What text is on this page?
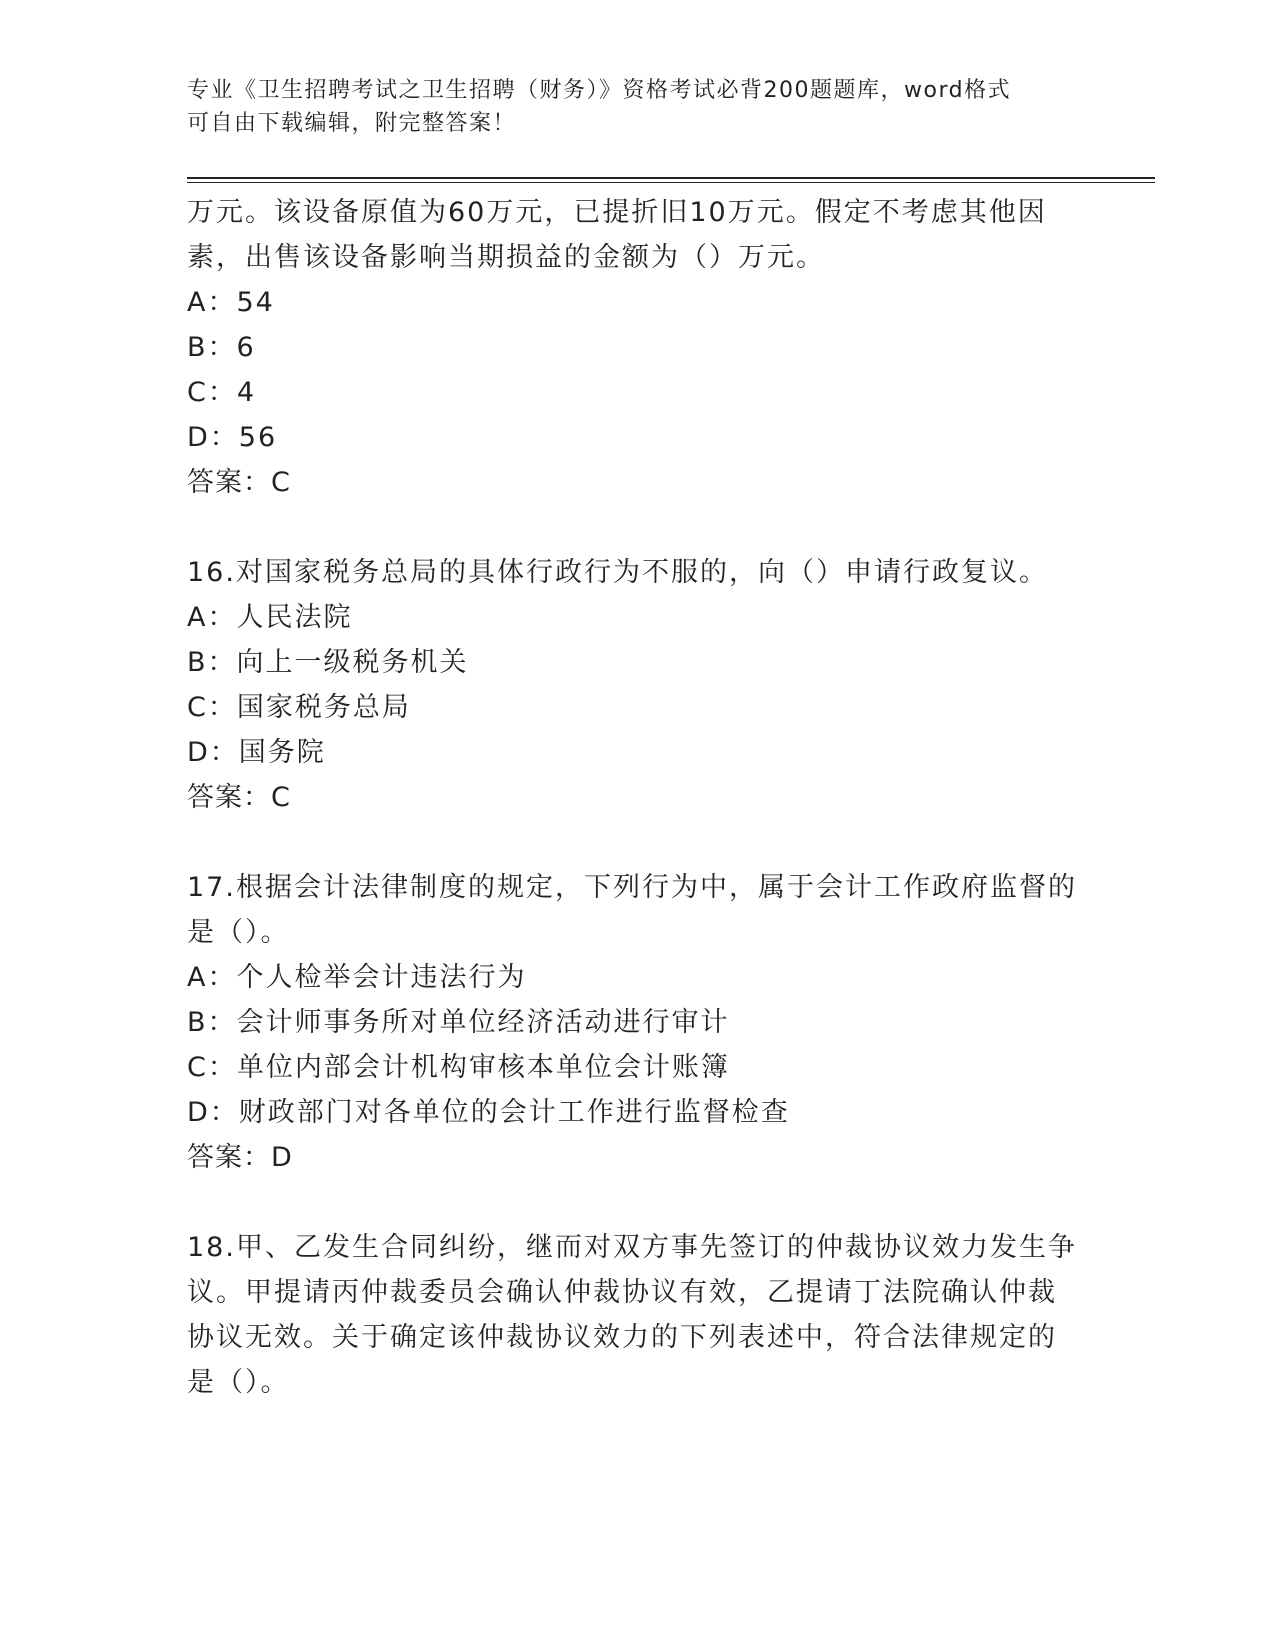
专业《卫生招聘考试之卫生招聘（财务）》资格考试必背200题题库，word格式
可自由下载编辑，附完整答案！
万元。该设备原值为60万元，已提折旧10万元。假定不考虑其他因
素，出售该设备影响当期损益的金额为（）万元。
A：54
B：6
C：4
D：56
答案：C
16.对国家税务总局的具体行政行为不服的，向（）申请行政复议。
A：人民法院
B：向上一级税务机关
C：国家税务总局
D：国务院
答案：C
17.根据会计法律制度的规定，下列行为中，属于会计工作政府监督的
是（）。
A：个人检举会计违法行为
B：会计师事务所对单位经济活动进行审计
C：单位内部会计机构审核本单位会计账簿
D：财政部门对各单位的会计工作进行监督检查
答案：D
18.甲、乙发生合同纠纷，继而对双方事先签订的仲裁协议效力发生争
议。甲提请丙仲裁委员会确认仲裁协议有效，乙提请丁法院确认仲裁
协议无效。关于确定该仲裁协议效力的下列表述中，符合法律规定的
是（）。
